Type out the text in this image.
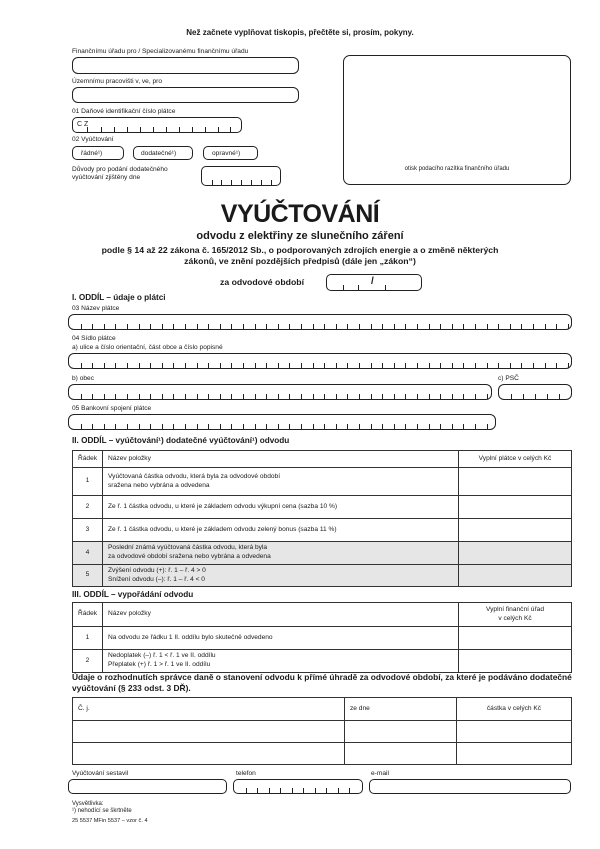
Než začnete vyplňovat tiskopis, přečtěte si, prosím, pokyny.
Finančnímu úřadu pro / Specializovanému finančnímu úřadu
Územnímu pracovišti v, ve, pro
01 Daňové identifikační číslo plátce
C Z
02 Vyúčtování
řádné¹)	dodatečné¹)	opravné¹)
Důvody pro podání dodatečného vyúčtování zjištěny dne
otisk podacího razítka finančního úřadu
VYÚČTOVÁNÍ
odvodu z elektřiny ze slunečního záření
podle § 14 až 22 zákona č. 165/2012 Sb., o podporovaných zdrojích energie a o změně některých zákonů, ve znění pozdějších předpisů (dále jen „zákon“)
za odvodové období	/
I. ODDÍL – údaje o plátci
03 Název plátce
04 Sídlo plátce
a) ulice a číslo orientační, část obce a číslo popisné
b) obec	c) PSČ
05 Bankovní spojení plátce
II. ODDÍL – vyúčtování¹) dodatečné vyúčtování¹) odvodu
Řádek	Název položky	Vyplní plátce v celých Kč
1	Vyúčtovaná částka odvodu, která byla za odvodové období
sražena nebo vybrána a odvedena	

2	Ze ř. 1 částka odvodu, u které je základem odvodu výkupní cena (sazba 10 %)	
3	Ze ř. 1 částka odvodu, u které je základem odvodu zelený bonus (sazba 11 %)	
4	Poslední známá vyúčtovaná částka odvodu, která byla
za odvodové období sražena nebo vybrána a odvedena	

5	Zvýšení odvodu (+): ř. 1 – ř. 4 > 0
Snížení odvodu (–): ř. 1 – ř. 4 < 0	

III. ODDÍL – vypořádání odvodu
Řádek	Název položky	Vyplní finanční úřad
v celých Kč

1	Na odvodu ze řádku 1 II. oddílu bylo skutečně odvedeno	
2	Nedoplatek (–) ř. 1 < ř. 1 ve II. oddílu
Přeplatek (+) ř. 1 > ř. 1 ve II. oddílu	

Údaje o rozhodnutích správce daně o stanovení odvodu k přímé úhradě za odvodové období, za které je podáváno dodatečné vyúčtování (§ 233 odst. 3 DŘ).
Č. j.	ze dne	částka v celých Kč

Vyúčtování sestavil	telefon	e-mail
Vysvětlivka:
¹) nehodící se škrtněte
25 5537 MFin 5537 – vzor č. 4
